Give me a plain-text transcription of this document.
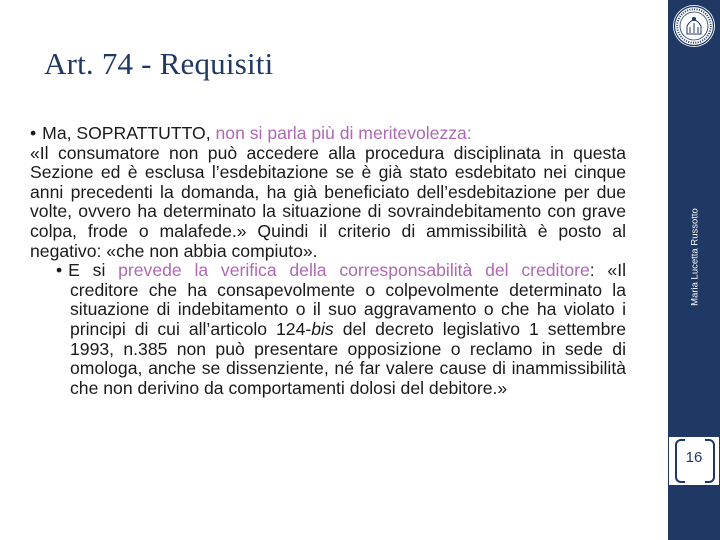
Art. 74 - Requisiti

• Ma, SOPRATTUTTO, non si parla più di meritevolezza:
«Il consumatore non può accedere alla procedura disciplinata in questa Sezione ed è esclusa l’esdebitazione se è già stato esdebitato nei cinque anni precedenti la domanda, ha già beneficiato dell’esdebitazione per due volte, ovvero ha determinato la situazione di sovraindebitamento con grave colpa, frode o malafede.» Quindi il criterio di ammissibilità è posto al negativo: «che non abbia compiuto».

• E si prevede la verifica della corresponsabilità del creditore: «Il creditore che ha consapevolmente o colpevolmente determinato la situazione di indebitamento o il suo aggravamento o che ha violato i principi di cui all’articolo 124-bis del decreto legislativo 1 settembre 1993, n.385 non può presentare opposizione o reclamo in sede di omologa, anche se dissenziente, né far valere cause di inammissibilità che non derivino da comportamenti dolosi del debitore.»

Maria Lucetta Russotto
16
